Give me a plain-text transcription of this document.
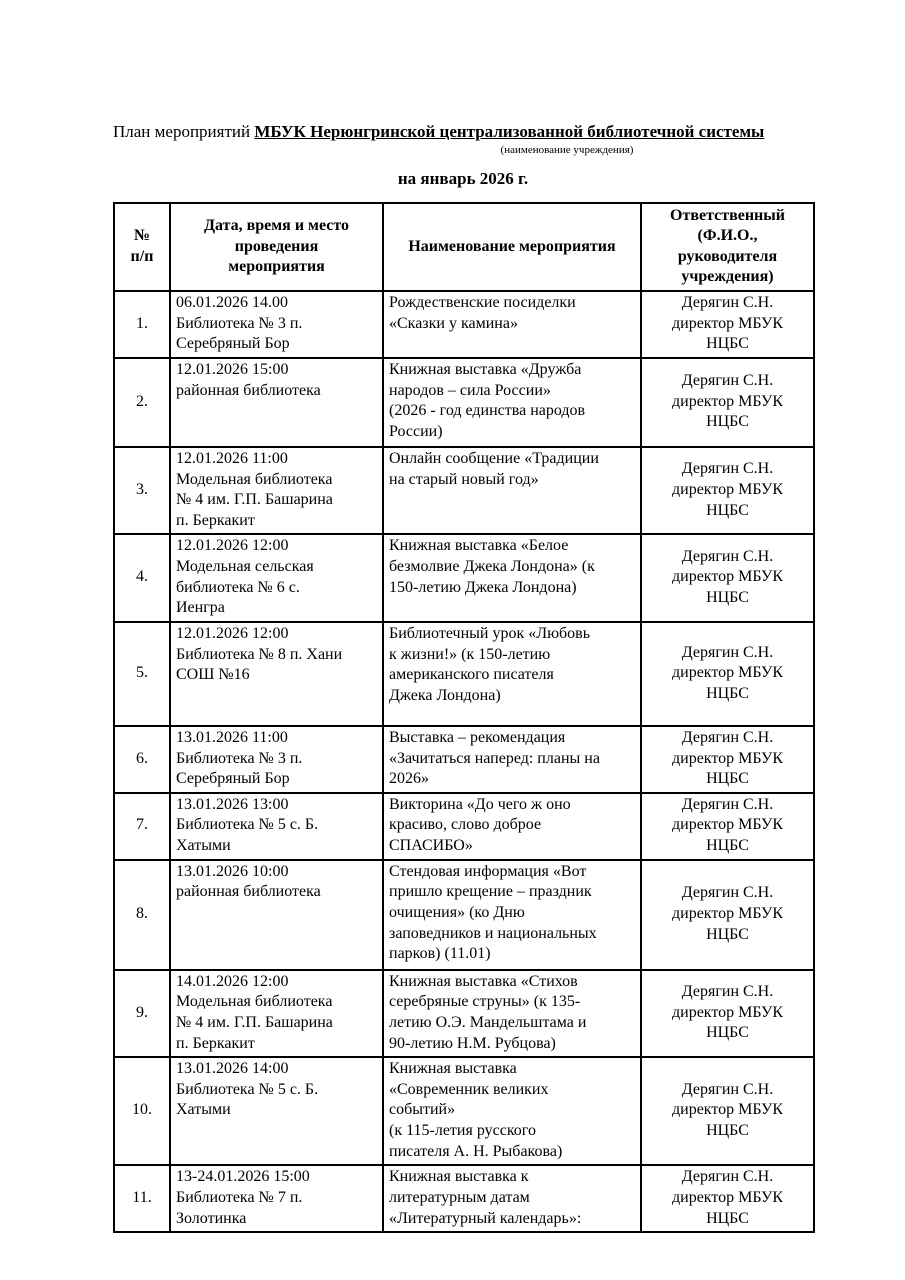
План мероприятий МБУК Нерюнгринской централизованной библиотечной системы
(наименование учреждения)
на январь 2026 г.
№
п/п	Дата, время и место
проведения
мероприятия	Наименование мероприятия	Ответственный
(Ф.И.О.,
руководителя
учреждения)
1.	06.01.2026 14.00
Библиотека № 3 п.
Серебряный Бор	Рождественские посиделки
«Сказки у камина»	Дерягин С.Н.
директор МБУК
НЦБС
2.	12.01.2026 15:00
районная библиотека	Книжная выставка «Дружба
народов – сила России»
(2026 - год единства народов
России)	Дерягин С.Н.
директор МБУК
НЦБС
3.	12.01.2026 11:00
Модельная библиотека
№ 4 им. Г.П. Башарина
п. Беркакит	Онлайн сообщение «Традиции
на старый новый год»	Дерягин С.Н.
директор МБУК
НЦБС
4.	12.01.2026 12:00
Модельная сельская
библиотека № 6 с.
Иенгра	Книжная выставка «Белое
безмолвие Джека Лондона» (к
150-летию Джека Лондона)	Дерягин С.Н.
директор МБУК
НЦБС
5.	12.01.2026 12:00
Библиотека № 8 п. Хани
СОШ №16	Библиотечный урок «Любовь
к жизни!» (к 150-летию
американского писателя
Джека Лондона)	Дерягин С.Н.
директор МБУК
НЦБС
6.	13.01.2026 11:00
Библиотека № 3 п.
Серебряный Бор	Выставка – рекомендация
«Зачитаться наперед: планы на
2026»	Дерягин С.Н.
директор МБУК
НЦБС
7.	13.01.2026 13:00
Библиотека № 5 с. Б.
Хатыми	Викторина «До чего ж оно
красиво, слово доброе
СПАСИБО»	Дерягин С.Н.
директор МБУК
НЦБС
8.	13.01.2026 10:00
районная библиотека	Стендовая информация «Вот
пришло крещение – праздник
очищения» (ко Дню
заповедников и национальных
парков) (11.01)	Дерягин С.Н.
директор МБУК
НЦБС
9.	14.01.2026 12:00
Модельная библиотека
№ 4 им. Г.П. Башарина
п. Беркакит	Книжная выставка «Стихов
серебряные струны» (к 135-
летию О.Э. Мандельштама и
90-летию Н.М. Рубцова)	Дерягин С.Н.
директор МБУК
НЦБС
10.	13.01.2026 14:00
Библиотека № 5 с. Б.
Хатыми	Книжная выставка
«Современник великих
событий»
(к 115-летия русского
писателя А. Н. Рыбакова)	Дерягин С.Н.
директор МБУК
НЦБС
11.	13-24.01.2026 15:00
Библиотека № 7 п.
Золотинка	Книжная выставка к
литературным датам
«Литературный календарь»:	Дерягин С.Н.
директор МБУК
НЦБС
